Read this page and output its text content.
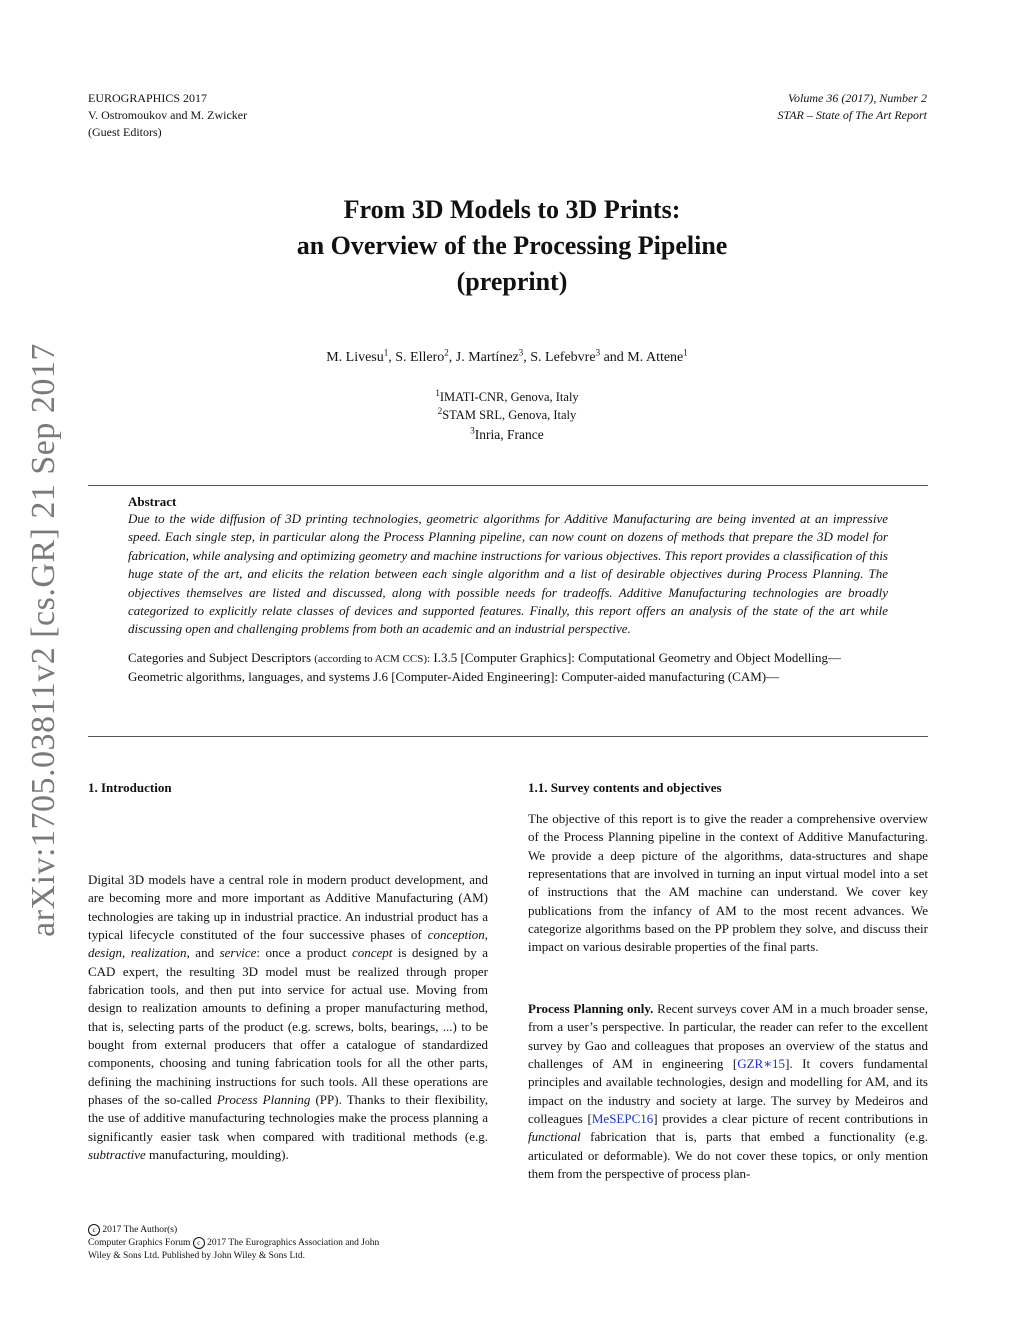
EUROGRAPHICS 2017
V. Ostromoukov and M. Zwicker
(Guest Editors)
Volume 36 (2017), Number 2
STAR – State of The Art Report
arXiv:1705.03811v2 [cs.GR] 21 Sep 2017
From 3D Models to 3D Prints:
an Overview of the Processing Pipeline
(preprint)
M. Livesu$^1$, S. Ellero$^2$, J. Martínez$^3$, S. Lefebvre$^3$ and M. Attene$^1$
$^1$IMATI-CNR, Genova, Italy
$^2$STAM SRL, Genova, Italy
$^3$Inria, France
Abstract
Due to the wide diffusion of 3D printing technologies, geometric algorithms for Additive Manufacturing are being invented at an impressive speed. Each single step, in particular along the Process Planning pipeline, can now count on dozens of methods that prepare the 3D model for fabrication, while analysing and optimizing geometry and machine instructions for various objectives. This report provides a classification of this huge state of the art, and elicits the relation between each single algorithm and a list of desirable objectives during Process Planning. The objectives themselves are listed and discussed, along with possible needs for tradeoffs. Additive Manufacturing technologies are broadly categorized to explicitly relate classes of devices and supported features. Finally, this report offers an analysis of the state of the art while discussing open and challenging problems from both an academic and an industrial perspective.
Categories and Subject Descriptors (according to ACM CCS): I.3.5 [Computer Graphics]: Computational Geometry and Object Modelling—Geometric algorithms, languages, and systems J.6 [Computer-Aided Engineering]: Computer-aided manufacturing (CAM)—
1. Introduction
Digital 3D models have a central role in modern product development, and are becoming more and more important as Additive Manufacturing (AM) technologies are taking up in industrial practice. An industrial product has a typical lifecycle constituted of the four successive phases of conception, design, realization, and service: once a product concept is designed by a CAD expert, the resulting 3D model must be realized through proper fabrication tools, and then put into service for actual use. Moving from design to realization amounts to defining a proper manufacturing method, that is, selecting parts of the product (e.g. screws, bolts, bearings, ...) to be bought from external producers that offer a catalogue of standardized components, choosing and tuning fabrication tools for all the other parts, defining the machining instructions for such tools. All these operations are phases of the so-called Process Planning (PP). Thanks to their flexibility, the use of additive manufacturing technologies make the process planning a significantly easier task when compared with traditional methods (e.g. subtractive manufacturing, moulding).
1.1. Survey contents and objectives
The objective of this report is to give the reader a comprehensive overview of the Process Planning pipeline in the context of Additive Manufacturing. We provide a deep picture of the algorithms, data-structures and shape representations that are involved in turning an input virtual model into a set of instructions that the AM machine can understand. We cover key publications from the infancy of AM to the most recent advances. We categorize algorithms based on the PP problem they solve, and discuss their impact on various desirable properties of the final parts.
Process Planning only. Recent surveys cover AM in a much broader sense, from a user’s perspective. In particular, the reader can refer to the excellent survey by Gao and colleagues that proposes an overview of the status and challenges of AM in engineering [GZR∗15]. It covers fundamental principles and available technologies, design and modelling for AM, and its impact on the industry and society at large. The survey by Medeiros and colleagues [MeSEPC16] provides a clear picture of recent contributions in functional fabrication that is, parts that embed a functionality (e.g. articulated or deformable). We do not cover these topics, or only mention them from the perspective of process plan-
c 2017 The Author(s)
Computer Graphics Forum c 2017 The Eurographics Association and John
Wiley & Sons Ltd. Published by John Wiley & Sons Ltd.
